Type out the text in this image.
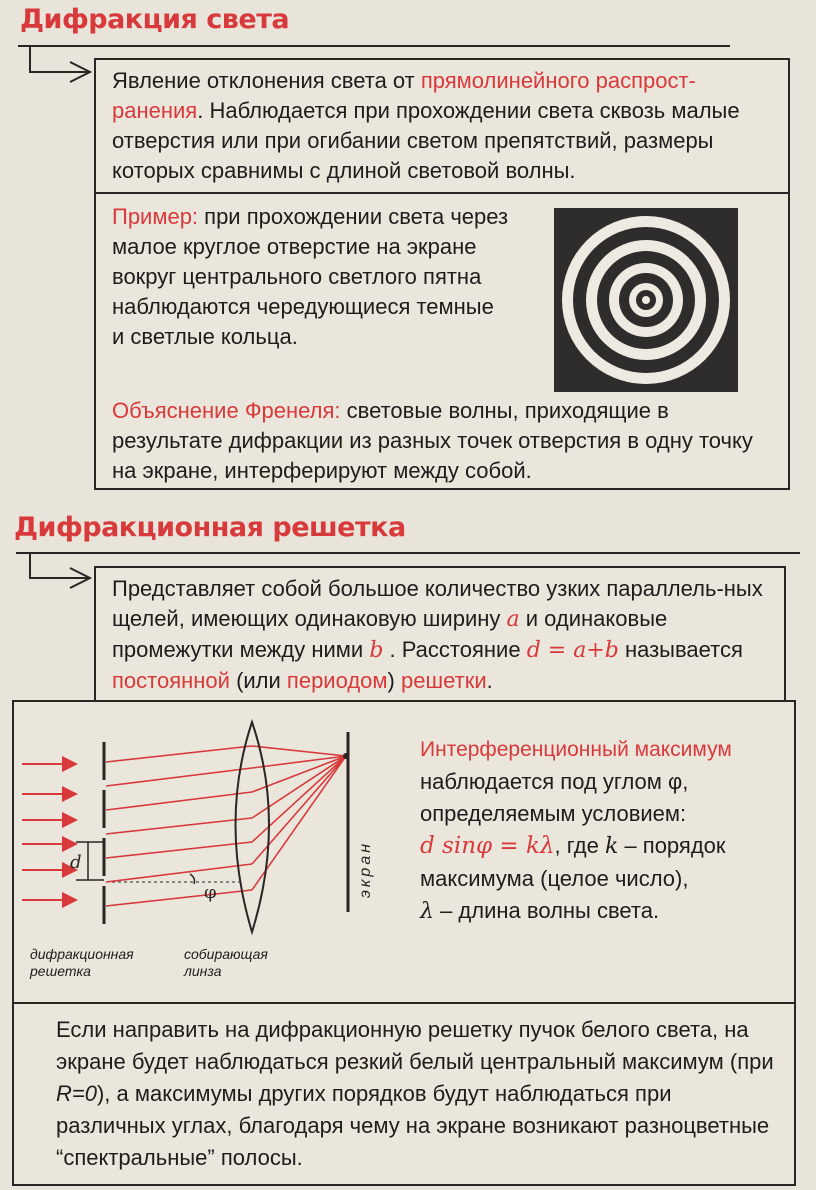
Дифракция света

Явление отклонения света от прямолинейного распрост-ранения. Наблюдается при прохождении света сквозь малые отверстия или при огибании светом препятствий, размеры которых сравнимы с длиной световой волны.

Пример: при прохождении света через малое круглое отверстие на экране вокруг центрального светлого пятна наблюдаются чередующиеся темные и светлые кольца.

Объяснение Френеля: световые волны, приходящие в результате дифракции из разных точек отверстия в одну точку на экране, интерферируют между собой.

Дифракционная решетка

Представляет собой большое количество узких параллель-ных щелей, имеющих одинаковую ширину a и одинаковые промежутки между ними b . Расстояние d = a+b называется постоянной (или периодом) решетки.

d
φ	экран
дифракционная решетка
собирающая линза
Интерференционный максимум
наблюдается под углом φ, определяемым условием:
d sinφ = kλ, где k – порядок максимума (целое число),
λ – длина волны света.

Если направить на дифракционную решетку пучок белого света, на экране будет наблюдаться резкий белый центральный максимум (при R=0), а максимумы других порядков будут наблюдаться при различных углах, благодаря чему на экране возникают разноцветные “спектральные” полосы.
